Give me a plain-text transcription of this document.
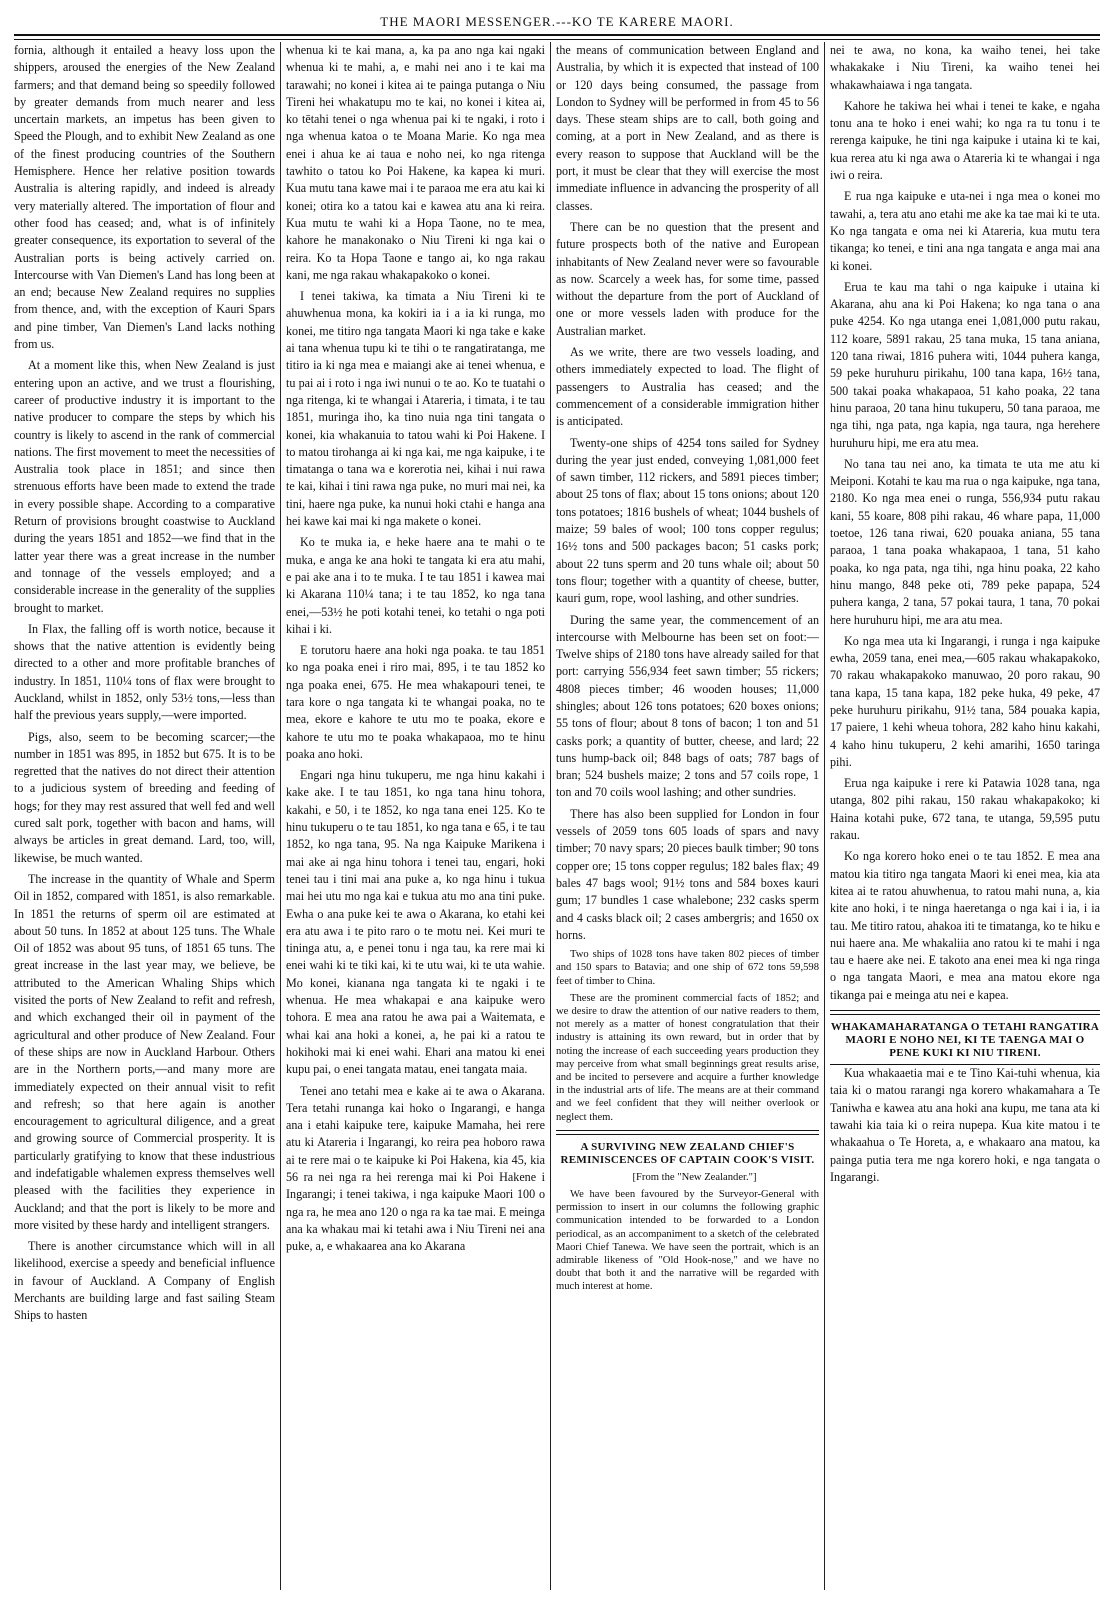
THE MAORI MESSENGER.---KO TE KARERE MAORI.

fornia, although it entailed a heavy loss upon the shippers, aroused the energies of the New Zealand farmers; and that demand being so speedily followed by greater demands from much nearer and less uncertain markets, an impetus has been given to Speed the Plough, and to exhibit New Zealand as one of the finest producing countries of the Southern Hemisphere. Hence her relative position towards Australia is altering rapidly, and indeed is already very materially altered. The importation of flour and other food has ceased; and, what is of infinitely greater consequence, its exportation to several of the Australian ports is being actively carried on. Intercourse with Van Diemen's Land has long been at an end; because New Zealand requires no supplies from thence, and, with the exception of Kauri Spars and pine timber, Van Diemen's Land lacks nothing from us.

At a moment like this, when New Zealand is just entering upon an active, and we trust a flourishing, career of productive industry it is important to the native producer to compare the steps by which his country is likely to ascend in the rank of commercial nations. The first movement to meet the necessities of Australia took place in 1851; and since then strenuous efforts have been made to extend the trade in every possible shape. According to a comparative Return of provisions brought coastwise to Auckland during the years 1851 and 1852—we find that in the latter year there was a great increase in the number and tonnage of the vessels employed; and a considerable increase in the generality of the supplies brought to market.

In Flax, the falling off is worth notice, because it shows that the native attention is evidently being directed to a other and more profitable branches of industry. In 1851, 110¼ tons of flax were brought to Auckland, whilst in 1852, only 53½ tons,—less than half the previous years supply,—were imported.

Pigs, also, seem to be becoming scarcer;—the number in 1851 was 895, in 1852 but 675. It is to be regretted that the natives do not direct their attention to a judicious system of breeding and feeding of hogs; for they may rest assured that well fed and well cured salt pork, together with bacon and hams, will always be articles in great demand. Lard, too, will, likewise, be much wanted.

The increase in the quantity of Whale and Sperm Oil in 1852, compared with 1851, is also remarkable. In 1851 the returns of sperm oil are estimated at about 50 tuns. In 1852 at about 125 tuns. The Whale Oil of 1852 was about 95 tuns, of 1851 65 tuns. The great increase in the last year may, we believe, be attributed to the American Whaling Ships which visited the ports of New Zealand to refit and refresh, and which exchanged their oil in payment of the agricultural and other produce of New Zealand. Four of these ships are now in Auckland Harbour. Others are in the Northern ports,—and many more are immediately expected on their annual visit to refit and refresh; so that here again is another encouragement to agricultural diligence, and a great and growing source of Commercial prosperity. It is particularly gratifying to know that these industrious and indefatigable whalemen express themselves well pleased with the facilities they experience in Auckland; and that the port is likely to be more and more visited by these hardy and intelligent strangers.

There is another circumstance which will in all likelihood, exercise a speedy and beneficial influence in favour of Auckland. A Company of English Merchants are building large and fast sailing Steam Ships to hasten

whenua ki te kai mana, a, ka pa ano nga kai ngaki whenua ki te mahi, a, e mahi nei ano i te kai ma tarawahi; no konei i kitea ai te painga putanga o Niu Tireni hei whakatupu mo te kai, no konei i kitea ai, ko tētahi tenei o nga whenua pai ki te ngaki, i roto i nga whenua katoa o te Moana Marie. Ko nga mea enei i ahua ke ai taua e noho nei, ko nga ritenga tawhito o tatou ko Poi Hakene, ka kapea ki muri. Kua mutu tana kawe mai i te paraoa me era atu kai ki konei; otira ko a tatou kai e kawea atu ana ki reira. Kua mutu te wahi ki a Hopa Taone, no te mea, kahore he manakonako o Niu Tireni ki nga kai o reira. Ko ta Hopa Taone e tango ai, ko nga rakau kani, me nga rakau whakapakoko o konei.

I tenei takiwa, ka timata a Niu Tireni ki te ahuwhenua mona, ka kokiri ia i a ia ki runga, mo konei, me titiro nga tangata Maori ki nga take e kake ai tana whenua tupu ki te tihi o te rangatiratanga, me titiro ia ki nga mea e maiangi ake ai tenei whenua, e tu pai ai i roto i nga iwi nunui o te ao. Ko te tuatahi o nga ritenga, ki te whangai i Atareria, i timata, i te tau 1851, muringa iho, ka tino nuia nga tini tangata o konei, kia whakanuia to tatou wahi ki Poi Hakene. I to matou tirohanga ai ki nga kai, me nga kaipuke, i te timatanga o tana wa e korerotia nei, kihai i nui rawa te kai, kihai i tini rawa nga puke, no muri mai nei, ka tini, haere nga puke, ka nunui hoki ctahi e hanga ana hei kawe kai mai ki nga makete o konei.

Ko te muka ia, e heke haere ana te mahi o te muka, e anga ke ana hoki te tangata ki era atu mahi, e pai ake ana i to te muka. I te tau 1851 i kawea mai ki Akarana 110¼ tana; i te tau 1852, ko nga tana enei,—53½ he poti kotahi tenei, ko tetahi o nga poti kihai i ki.

E torutoru haere ana hoki nga poaka. te tau 1851 ko nga poaka enei i riro mai, 895, i te tau 1852 ko nga poaka enei, 675. He mea whakapouri tenei, te tara kore o nga tangata ki te whangai poaka, no te mea, ekore e kahore te utu mo te poaka, ekore e kahore te utu mo te poaka whakapaoa, mo te hinu poaka ano hoki.

Engari nga hinu tukuperu, me nga hinu kakahi i kake ake. I te tau 1851, ko nga tana hinu tohora, kakahi, e 50, i te 1852, ko nga tana enei 125. Ko te hinu tukuperu o te tau 1851, ko nga tana e 65, i te tau 1852, ko nga tana, 95. Na nga Kaipuke Marikena i mai ake ai nga hinu tohora i tenei tau, engari, hoki tenei tau i tini mai ana puke a, ko nga hinu i tukua mai hei utu mo nga kai e tukua atu mo ana tini puke. Ewha o ana puke kei te awa o Akarana, ko etahi kei era atu awa i te pito raro o te motu nei. Kei muri te tininga atu, a, e penei tonu i nga tau, ka rere mai ki enei wahi ki te tiki kai, ki te utu wai, ki te uta wahie. Mo konei, kianana nga tangata ki te ngaki i te whenua. He mea whakapai e ana kaipuke wero tohora. E mea ana ratou he awa pai a Waitemata, e whai kai ana hoki a konei, a, he pai ki a ratou te hokihoki mai ki enei wahi. Ehari ana matou ki enei kupu pai, o enei tangata matau, enei tangata maia.

Tenei ano tetahi mea e kake ai te awa o Akarana. Tera tetahi runanga kai hoko o Ingarangi, e hanga ana i etahi kaipuke tere, kaipuke Mamaha, hei rere atu ki Atareria i Ingarangi, ko reira pea hoboro rawa ai te rere mai o te kaipuke ki Poi Hakena, kia 45, kia 56 ra nei nga ra hei rerenga mai ki Poi Hakene i Ingarangi; i tenei takiwa, i nga kaipuke Maori 100 o nga ra, he mea ano 120 o nga ra ka tae mai. E meinga ana ka whakau mai ki tetahi awa i Niu Tireni nei ana puke, a, e whakaarea ana ko Akarana

the means of communication between England and Australia, by which it is expected that instead of 100 or 120 days being consumed, the passage from London to Sydney will be performed in from 45 to 56 days. These steam ships are to call, both going and coming, at a port in New Zealand, and as there is every reason to suppose that Auckland will be the port, it must be clear that they will exercise the most immediate influence in advancing the prosperity of all classes.

There can be no question that the present and future prospects both of the native and European inhabitants of New Zealand never were so favourable as now. Scarcely a week has, for some time, passed without the departure from the port of Auckland of one or more vessels laden with produce for the Australian market.

As we write, there are two vessels loading, and others immediately expected to load. The flight of passengers to Australia has ceased; and the commencement of a considerable immigration hither is anticipated.

Twenty-one ships of 4254 tons sailed for Sydney during the year just ended, conveying 1,081,000 feet of sawn timber, 112 rickers, and 5891 pieces timber; about 25 tons of flax; about 15 tons onions; about 120 tons potatoes; 1816 bushels of wheat; 1044 bushels of maize; 59 bales of wool; 100 tons copper regulus; 16½ tons and 500 packages bacon; 51 casks pork; about 22 tuns sperm and 20 tuns whale oil; about 50 tons flour; together with a quantity of cheese, butter, kauri gum, rope, wool lashing, and other sundries.

During the same year, the commencement of an intercourse with Melbourne has been set on foot:—Twelve ships of 2180 tons have already sailed for that port: carrying 556,934 feet sawn timber; 55 rickers; 4808 pieces timber; 46 wooden houses; 11,000 shingles; about 126 tons potatoes; 620 boxes onions; 55 tons of flour; about 8 tons of bacon; 1 ton and 51 casks pork; a quantity of butter, cheese, and lard; 22 tuns hump-back oil; 848 bags of oats; 787 bags of bran; 524 bushels maize; 2 tons and 57 coils rope, 1 ton and 70 coils wool lashing; and other sundries.

There has also been supplied for London in four vessels of 2059 tons 605 loads of spars and navy timber; 70 navy spars; 20 pieces baulk timber; 90 tons copper ore; 15 tons copper regulus; 182 bales flax; 49 bales 47 bags wool; 91½ tons and 584 boxes kauri gum; 17 bundles 1 case whalebone; 232 casks sperm and 4 casks black oil; 2 cases ambergris; and 1650 ox horns.

Two ships of 1028 tons have taken 802 pieces of timber and 150 spars to Batavia; and one ship of 672 tons 59,598 feet of timber to China.

These are the prominent commercial facts of 1852; and we desire to draw the attention of our native readers to them, not merely as a matter of honest congratulation that their industry is attaining its own reward, but in order that by noting the increase of each succeeding years production they may perceive from what small beginnings great results arise, and be incited to persevere and acquire a further knowledge in the industrial arts of life. The means are at their command and we feel confident that they will neither overlook or neglect them.

A SURVIVING NEW ZEALAND CHIEF'S REMINISCENCES OF CAPTAIN COOK'S VISIT.

[From the "New Zealander."]

We have been favoured by the Surveyor-General with permission to insert in our columns the following graphic communication intended to be forwarded to a London periodical, as an accompaniment to a sketch of the celebrated Maori Chief Tanewa. We have seen the portrait, which is an admirable likeness of "Old Hook-nose," and we have no doubt that both it and the narrative will be regarded with much interest at home.

nei te awa, no kona, ka waiho tenei, hei take whakakake i Niu Tireni, ka waiho tenei hei whakawhaiawa i nga tangata.

Kahore he takiwa hei whai i tenei te kake, e ngaha tonu ana te hoko i enei wahi; ko nga ra tu tonu i te rerenga kaipuke, he tini nga kaipuke i utaina ki te kai, kua rerea atu ki nga awa o Atareria ki te whangai i nga iwi o reira.

E rua nga kaipuke e uta-nei i nga mea o konei mo tawahi, a, tera atu ano etahi me ake ka tae mai ki te uta. Ko nga tangata e oma nei ki Atareria, kua mutu tera tikanga; ko tenei, e tini ana nga tangata e anga mai ana ki konei.

Erua te kau ma tahi o nga kaipuke i utaina ki Akarana, ahu ana ki Poi Hakena; ko nga tana o ana puke 4254. Ko nga utanga enei 1,081,000 putu rakau, 112 koare, 5891 rakau, 25 tana muka, 15 tana aniana, 120 tana riwai, 1816 puhera witi, 1044 puhera kanga, 59 peke huruhuru pirikahu, 100 tana kapa, 16½ tana, 500 takai poaka whakapaoa, 51 kaho poaka, 22 tana hinu paraoa, 20 tana hinu tukuperu, 50 tana paraoa, me nga tihi, nga pata, nga kapia, nga taura, nga herehere huruhuru hipi, me era atu mea.

No tana tau nei ano, ka timata te uta me atu ki Meiponi. Kotahi te kau ma rua o nga kaipuke, nga tana, 2180. Ko nga mea enei o runga, 556,934 putu rakau kani, 55 koare, 808 pihi rakau, 46 whare papa, 11,000 toetoe, 126 tana riwai, 620 pouaka aniana, 55 tana paraoa, 1 tana poaka whakapaoa, 1 tana, 51 kaho poaka, ko nga pata, nga tihi, nga hinu poaka, 22 kaho hinu mango, 848 peke oti, 789 peke papapa, 524 puhera kanga, 2 tana, 57 pokai taura, 1 tana, 70 pokai here huruhuru hipi, me ara atu mea.

Ko nga mea uta ki Ingarangi, i runga i nga kaipuke ewha, 2059 tana, enei mea,—605 rakau whakapakoko, 70 rakau whakapakoko manuwao, 20 poro rakau, 90 tana kapa, 15 tana kapa, 182 peke huka, 49 peke, 47 peke huruhuru pirikahu, 91½ tana, 584 pouaka kapia, 17 paiere, 1 kehi wheua tohora, 282 kaho hinu kakahi, 4 kaho hinu tukuperu, 2 kehi amarihi, 1650 taringa pihi.

Erua nga kaipuke i rere ki Patawia 1028 tana, nga utanga, 802 pihi rakau, 150 rakau whakapakoko; ki Haina kotahi puke, 672 tana, te utanga, 59,595 putu rakau.

Ko nga korero hoko enei o te tau 1852. E mea ana matou kia titiro nga tangata Maori ki enei mea, kia ata kitea ai te ratou ahuwhenua, to ratou mahi nuna, a, kia kite ano hoki, i te ninga haeretanga o nga kai i ia, i ia tau. Me titiro ratou, ahakoa iti te timatanga, ko te hiku e nui haere ana. Me whakaliia ano ratou ki te mahi i nga tau e haere ake nei. E takoto ana enei mea ki nga ringa o nga tangata Maori, e mea ana matou ekore nga tikanga pai e meinga atu nei e kapea.

WHAKAMAHARATANGA O TETAHI RANGATIRA MAORI E NOHO NEI, KI TE TAENGA MAI O PENE KUKI KI NIU TIRENI.

Kua whakaaetia mai e te Tino Kai-tuhi whenua, kia taia ki o matou rarangi nga korero whakamahara a Te Taniwha e kawea atu ana hoki ana kupu, me tana ata ki tawahi kia taia ki o reira nupepa. Kua kite matou i te whakaahua o Te Horeta, a, e whakaaro ana matou, ka painga putia tera me nga korero hoki, e nga tangata o Ingarangi.
